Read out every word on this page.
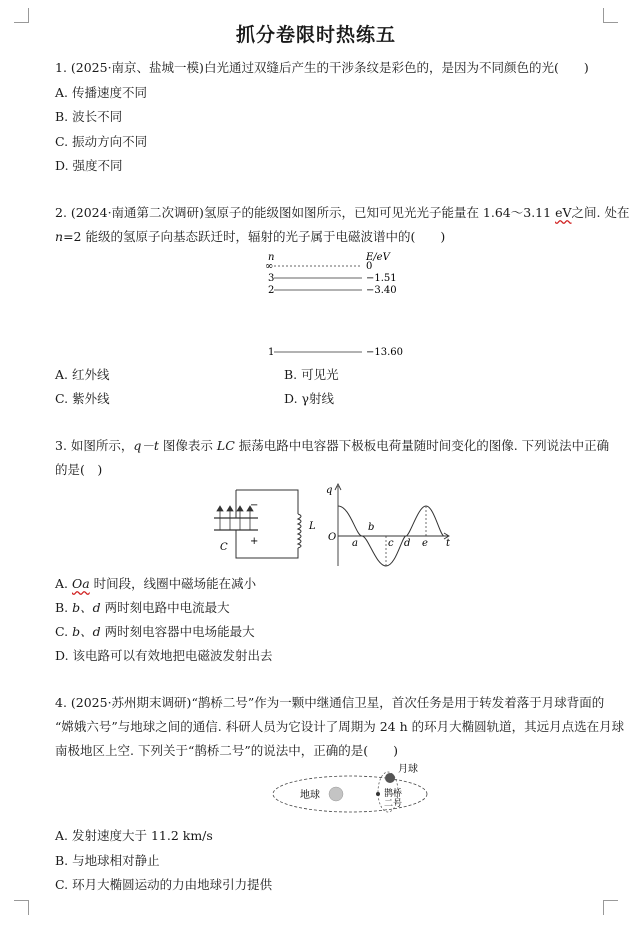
抓分卷限时热练五
1. (2025·南京、盐城一模)白光通过双缝后产生的干涉条纹是彩色的，是因为不同颜色的光(　　)
A. 传播速度不同
B. 波长不同
C. 振动方向不同
D. 强度不同
2. (2024·南通第二次调研)氢原子的能级图如图所示，已知可见光光子能量在 1.64～3.11 eV之间. 处在
n=2 能级的氢原子向基态跃迁时，辐射的光子属于电磁波谱中的(　　)
n	E/eV
∞	0
3	−1.51
2	−3.40
1	−13.60
A. 红外线	B. 可见光
C. 紫外线	D. γ射线
3. 如图所示，q－t 图像表示 LC 振荡电路中电容器下极板电荷量随时间变化的图像. 下列说法中正确
的是(　)
−
+
C
L
q
t
O
a
b
c d e
A. Oa 时间段，线圈中磁场能在减小
B. b、d 两时刻电路中电流最大
C. b、d 两时刻电容器中电场能最大
D. 该电路可以有效地把电磁波发射出去
4. (2025·苏州期末调研)“鹊桥二号”作为一颗中继通信卫星，首次任务是用于转发着落于月球背面的
“嫦娥六号”与地球之间的通信. 科研人员为它设计了周期为 24 h 的环月大椭圆轨道，其远月点选在月球
南极地区上空. 下列关于“鹊桥二号”的说法中，正确的是(　　)
地球
月球
鹊桥
二号
A. 发射速度大于 11.2 km/s
B. 与地球相对静止
C. 环月大椭圆运动的力由地球引力提供
